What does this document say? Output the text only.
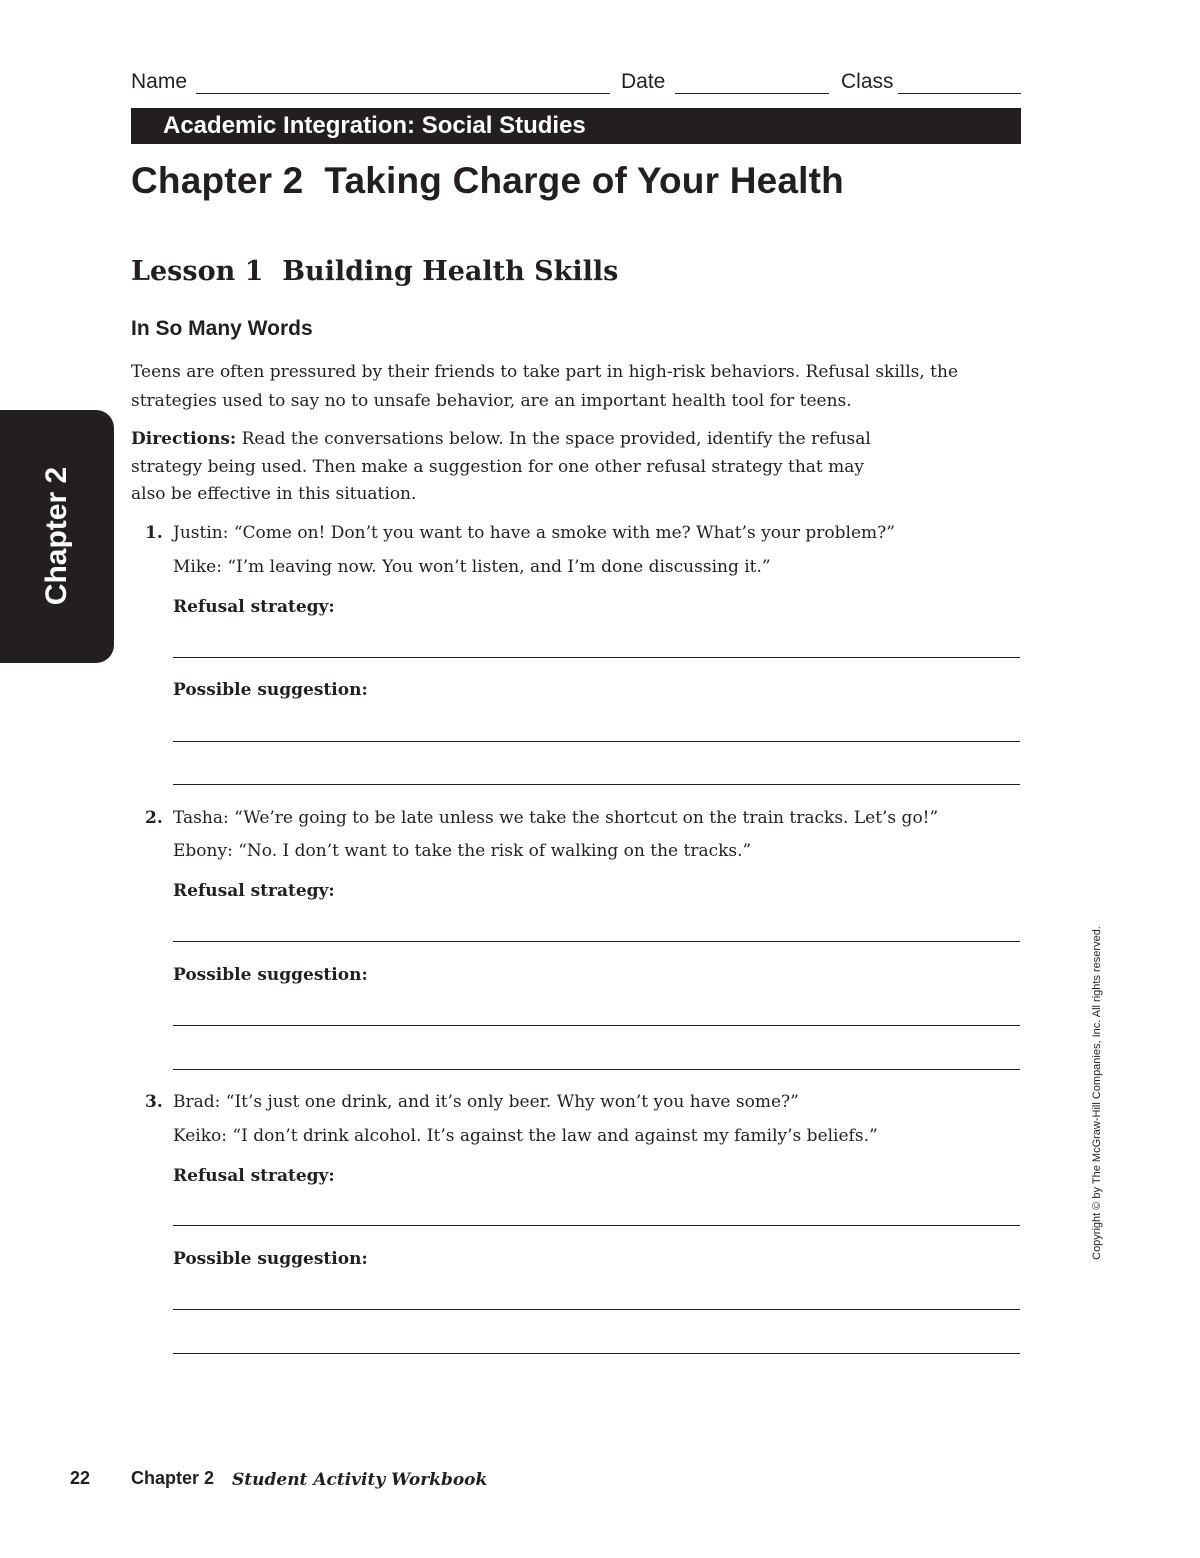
Name	Date	Class
Academic Integration: Social Studies
Chapter 2  Taking Charge of Your Health
Lesson 1  Building Health Skills
In So Many Words
Teens are often pressured by their friends to take part in high-risk behaviors. Refusal skills, the strategies used to say no to unsafe behavior, are an important health tool for teens.
Directions: Read the conversations below. In the space provided, identify the refusal strategy being used. Then make a suggestion for one other refusal strategy that may also be effective in this situation.
1. Justin: “Come on! Don’t you want to have a smoke with me? What’s your problem?”
Mike: “I’m leaving now. You won’t listen, and I’m done discussing it.”
Refusal strategy:
Possible suggestion:
2. Tasha: “We’re going to be late unless we take the shortcut on the train tracks. Let’s go!”
Ebony: “No. I don’t want to take the risk of walking on the tracks.”
Refusal strategy:
Possible suggestion:
3. Brad: “It’s just one drink, and it’s only beer. Why won’t you have some?”
Keiko: “I don’t drink alcohol. It’s against the law and against my family’s beliefs.”
Refusal strategy:
Possible suggestion:
Chapter 2
Copyright © by The McGraw-Hill Companies, Inc. All rights reserved.
22 Chapter 2 Student Activity Workbook
